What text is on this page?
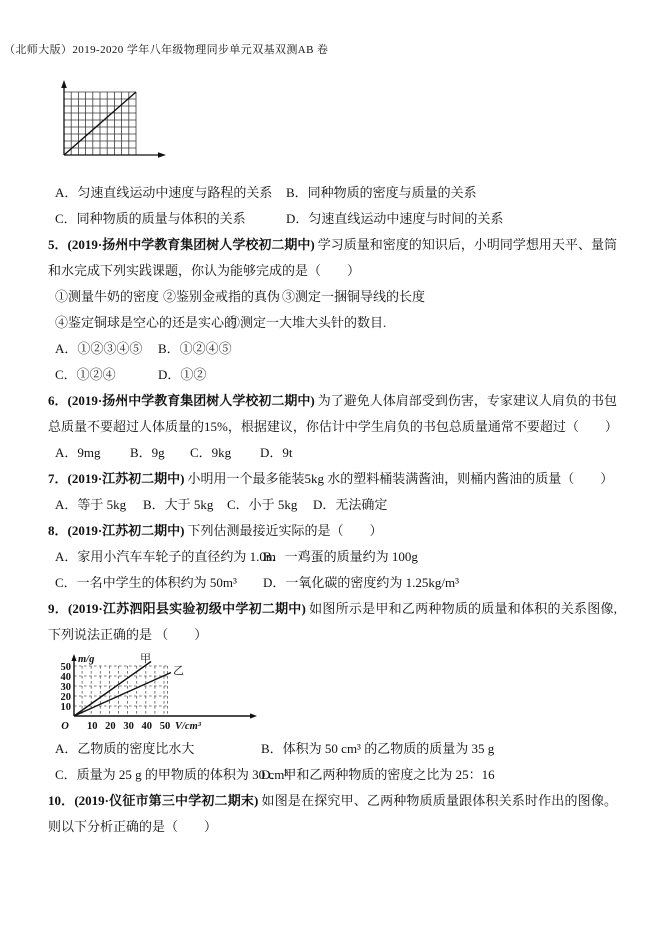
（北师大版）2019-2020 学年八年级物理同步单元双基双测AB 卷
A．匀速直线运动中速度与路程的关系	B．同种物质的密度与质量的关系
C．同种物质的质量与体积的关系	D．匀速直线运动中速度与时间的关系

5．(2019·扬州中学教育集团树人学校初二期中) 学习质量和密度的知识后，小明同学想用天平、量筒和水完成下列实践课题，你认为能够完成的是（　　）

①测量牛奶的密度 ②鉴别金戒指的真伪 ③测定一捆铜导线的长度
④鉴定铜球是空心的还是实心的
⑤测定一大堆大头针的数目.
A．①②③④⑤	B．①②④⑤
C．①②④	D．①②

6．(2019·扬州中学教育集团树人学校初二期中) 为了避免人体肩部受到伤害，专家建议人肩负的书包总质量不要超过人体质量的15%，根据建议，你估计中学生肩负的书包总质量通常不要超过（　　）

A．9mg	B．9g	C．9kg	D．9t

7．(2019·江苏初二期中) 小明用一个最多能装5kg 水的塑料桶装满酱油，则桶内酱油的质量（　　）

A．等于 5kg	B．大于 5kg	C．小于 5kg	D．无法确定

8．(2019·江苏初二期中) 下列估测最接近实际的是（　　）

A．家用小汽车车轮子的直径约为 1.0m
B．一鸡蛋的质量约为 100g
C．一名中学生的体积约为 50m³	D．一氧化碳的密度约为 1.25kg/m³

9．(2019·江苏泗阳县实验初级中学初二期中) 如图所示是甲和乙两种物质的质量和体积的关系图像,下列说法正确的是 （　　）

m/g
50
40
30
20
10
O 10 20 30 40 50 V/cm³
甲
乙
A．乙物质的密度比水大	B．体积为 50 cm³ 的乙物质的质量为 35 g
C．质量为 25 g 的甲物质的体积为 30 cm³
D．甲和乙两种物质的密度之比为 25：16

10．(2019·仪征市第三中学初二期末) 如图是在探究甲、乙两种物质质量跟体积关系时作出的图像。则以下分析正确的是（　　）
